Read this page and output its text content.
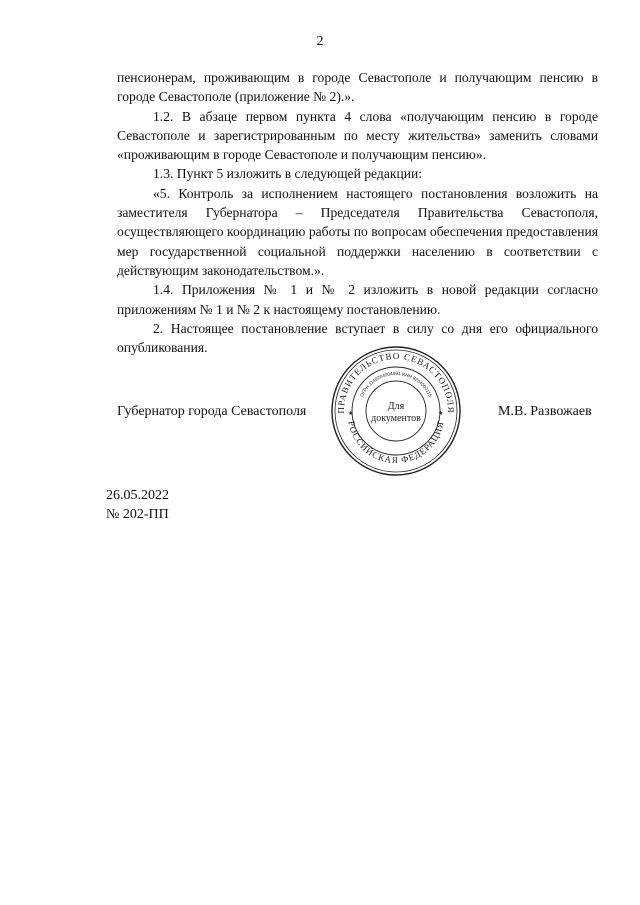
2

пенсионерам, проживающим в городе Севастополе и получающим пенсию в городе Севастополе (приложение № 2).».

1.2. В абзаце первом пункта 4 слова «получающим пенсию в городе Севастополе и зарегистрированным по месту жительства» заменить словами «проживающим в городе Севастополе и получающим пенсию».

1.3. Пункт 5 изложить в следующей редакции:

«5. Контроль за исполнением настоящего постановления возложить на заместителя Губернатора – Председателя Правительства Севастополя, осуществляющего координацию работы по вопросам обеспечения предоставления мер государственной социальной поддержки населению в соответствии с действующим законодательством.».

1.4. Приложения № 1 и № 2 изложить в новой редакции согласно приложениям № 1 и № 2 к настоящему постановлению.

2. Настоящее постановление вступает в силу со дня его официального опубликования.

Губернатор города Севастополя	ПРАВИТЕЛЬСТВО СЕВАСТОПОЛЯ
РОССИЙСКАЯ ФЕДЕРАЦИЯ
ОГРН 1149204004091 ИНН 9204002115
Для
документов
★	★	М.В. Развожаев
26.05.2022
№ 202-ПП
